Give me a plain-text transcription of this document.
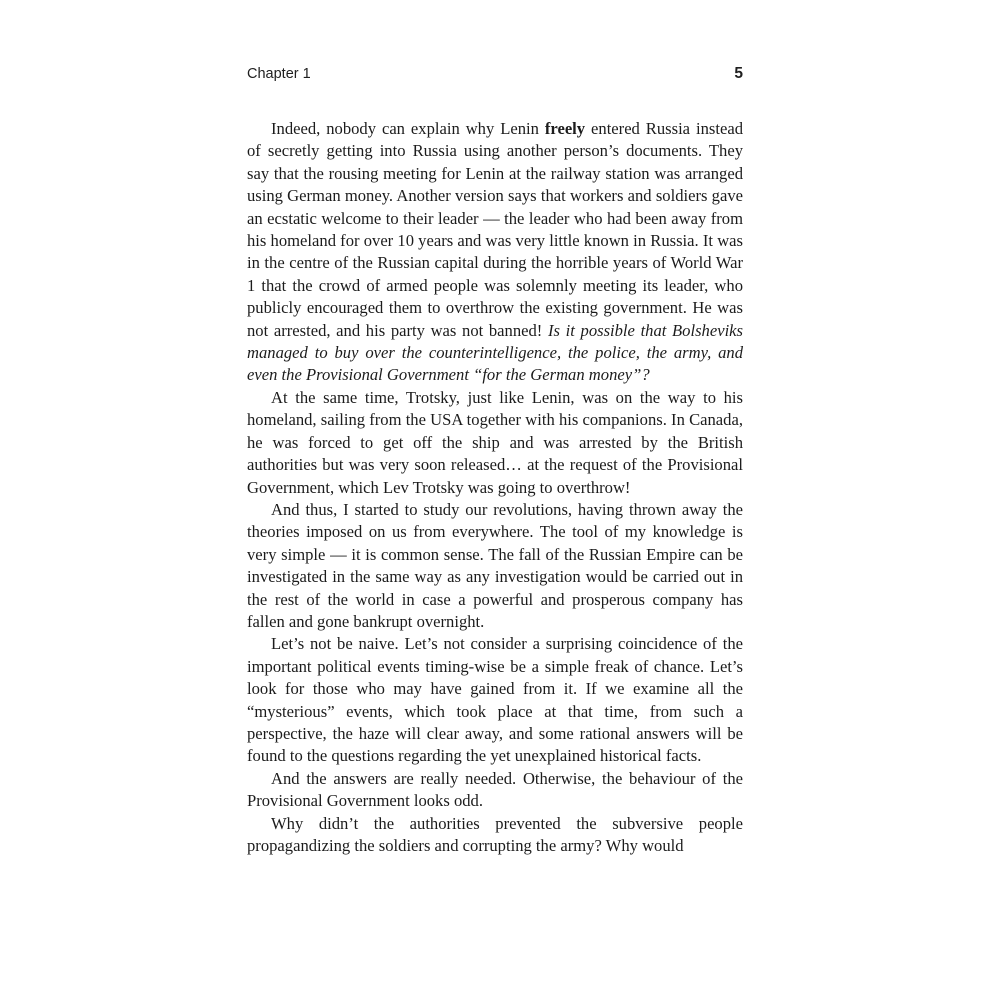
Chapter 1	5

Indeed, nobody can explain why Lenin freely entered Russia instead of secretly getting into Russia using another person’s documents. They say that the rousing meeting for Lenin at the railway station was arranged using German money. Another version says that workers and soldiers gave an ecstatic welcome to their leader — the leader who had been away from his homeland for over 10 years and was very little known in Russia. It was in the centre of the Russian capital during the horrible years of World War 1 that the crowd of armed people was solemnly meeting its leader, who publicly encouraged them to overthrow the existing government. He was not arrested, and his party was not banned! Is it possible that Bolsheviks managed to buy over the counterintelligence, the police, the army, and even the Provisional Government “for the German money”?

At the same time, Trotsky, just like Lenin, was on the way to his homeland, sailing from the USA together with his companions. In Canada, he was forced to get off the ship and was arrested by the British authorities but was very soon released… at the request of the Provisional Government, which Lev Trotsky was going to overthrow!

And thus, I started to study our revolutions, having thrown away the theories imposed on us from everywhere. The tool of my knowledge is very simple — it is common sense. The fall of the Russian Empire can be investigated in the same way as any investigation would be carried out in the rest of the world in case a powerful and prosperous company has fallen and gone bankrupt overnight.

Let’s not be naive. Let’s not consider a surprising coincidence of the important political events timing-wise be a simple freak of chance. Let’s look for those who may have gained from it. If we examine all the “mysterious” events, which took place at that time, from such a perspective, the haze will clear away, and some rational answers will be found to the questions regarding the yet unexplained historical facts.

And the answers are really needed. Otherwise, the behaviour of the Provisional Government looks odd.

Why didn’t the authorities prevented the subversive people propagandizing the soldiers and corrupting the army? Why would
